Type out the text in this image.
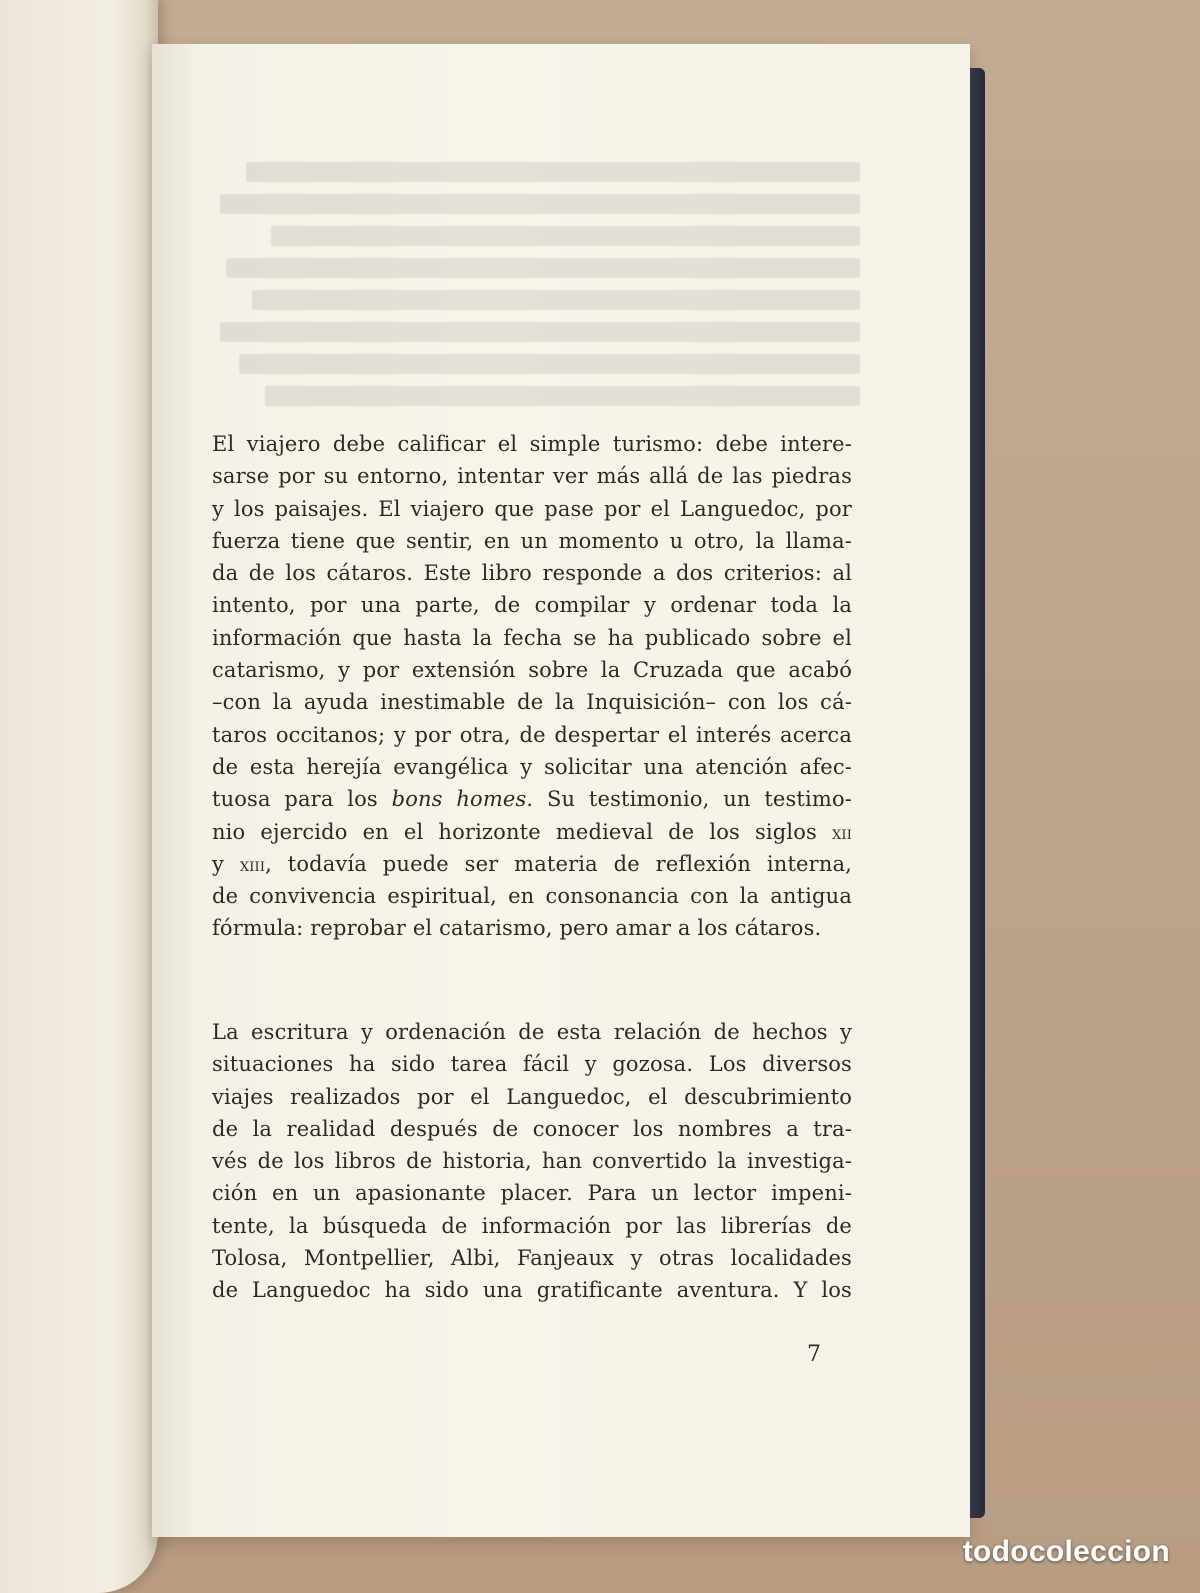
El viajero debe calificar el simple turismo: debe intere-
sarse por su entorno, intentar ver más allá de las piedras
y los paisajes. El viajero que pase por el Languedoc, por
fuerza tiene que sentir, en un momento u otro, la llama-
da de los cátaros. Este libro responde a dos criterios: al
intento, por una parte, de compilar y ordenar toda la
información que hasta la fecha se ha publicado sobre el
catarismo, y por extensión sobre la Cruzada que acabó
–con la ayuda inestimable de la Inquisición– con los cá-
taros occitanos; y por otra, de despertar el interés acerca
de esta herejía evangélica y solicitar una atención afec-
tuosa para los bons homes. Su testimonio, un testimo-
nio ejercido en el horizonte medieval de los siglos xii
y xiii, todavía puede ser materia de reflexión interna,
de convivencia espiritual, en consonancia con la antigua
fórmula: reprobar el catarismo, pero amar a los cátaros.
La escritura y ordenación de esta relación de hechos y
situaciones ha sido tarea fácil y gozosa. Los diversos
viajes realizados por el Languedoc, el descubrimiento
de la realidad después de conocer los nombres a tra-
vés de los libros de historia, han convertido la investiga-
ción en un apasionante placer. Para un lector impeni-
tente, la búsqueda de información por las librerías de
Tolosa, Montpellier, Albi, Fanjeaux y otras localidades
de Languedoc ha sido una gratificante aventura. Y los
7
todocoleccion
